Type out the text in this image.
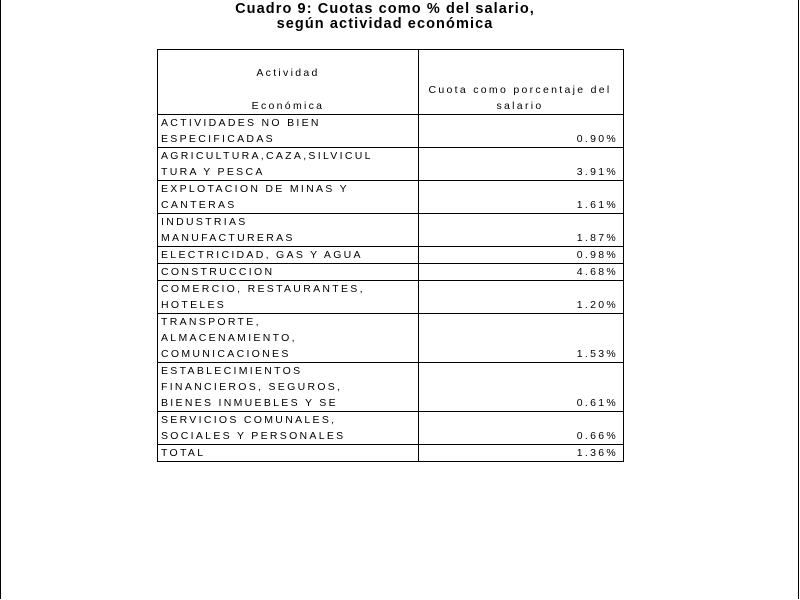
Cuadro 9: Cuotas como % del salario,
según actividad económica
Actividad
Económica	Cuota como porcentaje del salario

ACTIVIDADES NO BIEN
ESPECIFICADAS	0.90%

AGRICULTURA,CAZA,SILVICUL
TURA Y PESCA	3.91%

EXPLOTACION DE MINAS Y
CANTERAS	1.61%

INDUSTRIAS
MANUFACTURERAS	1.87%

ELECTRICIDAD, GAS Y AGUA	0.98%

CONSTRUCCION	4.68%

COMERCIO, RESTAURANTES,
HOTELES	1.20%

TRANSPORTE,
ALMACENAMIENTO,
COMUNICACIONES	1.53%

ESTABLECIMIENTOS
FINANCIEROS, SEGUROS,
BIENES INMUEBLES Y SE	0.61%

SERVICIOS COMUNALES,
SOCIALES Y PERSONALES	0.66%

TOTAL	1.36%
